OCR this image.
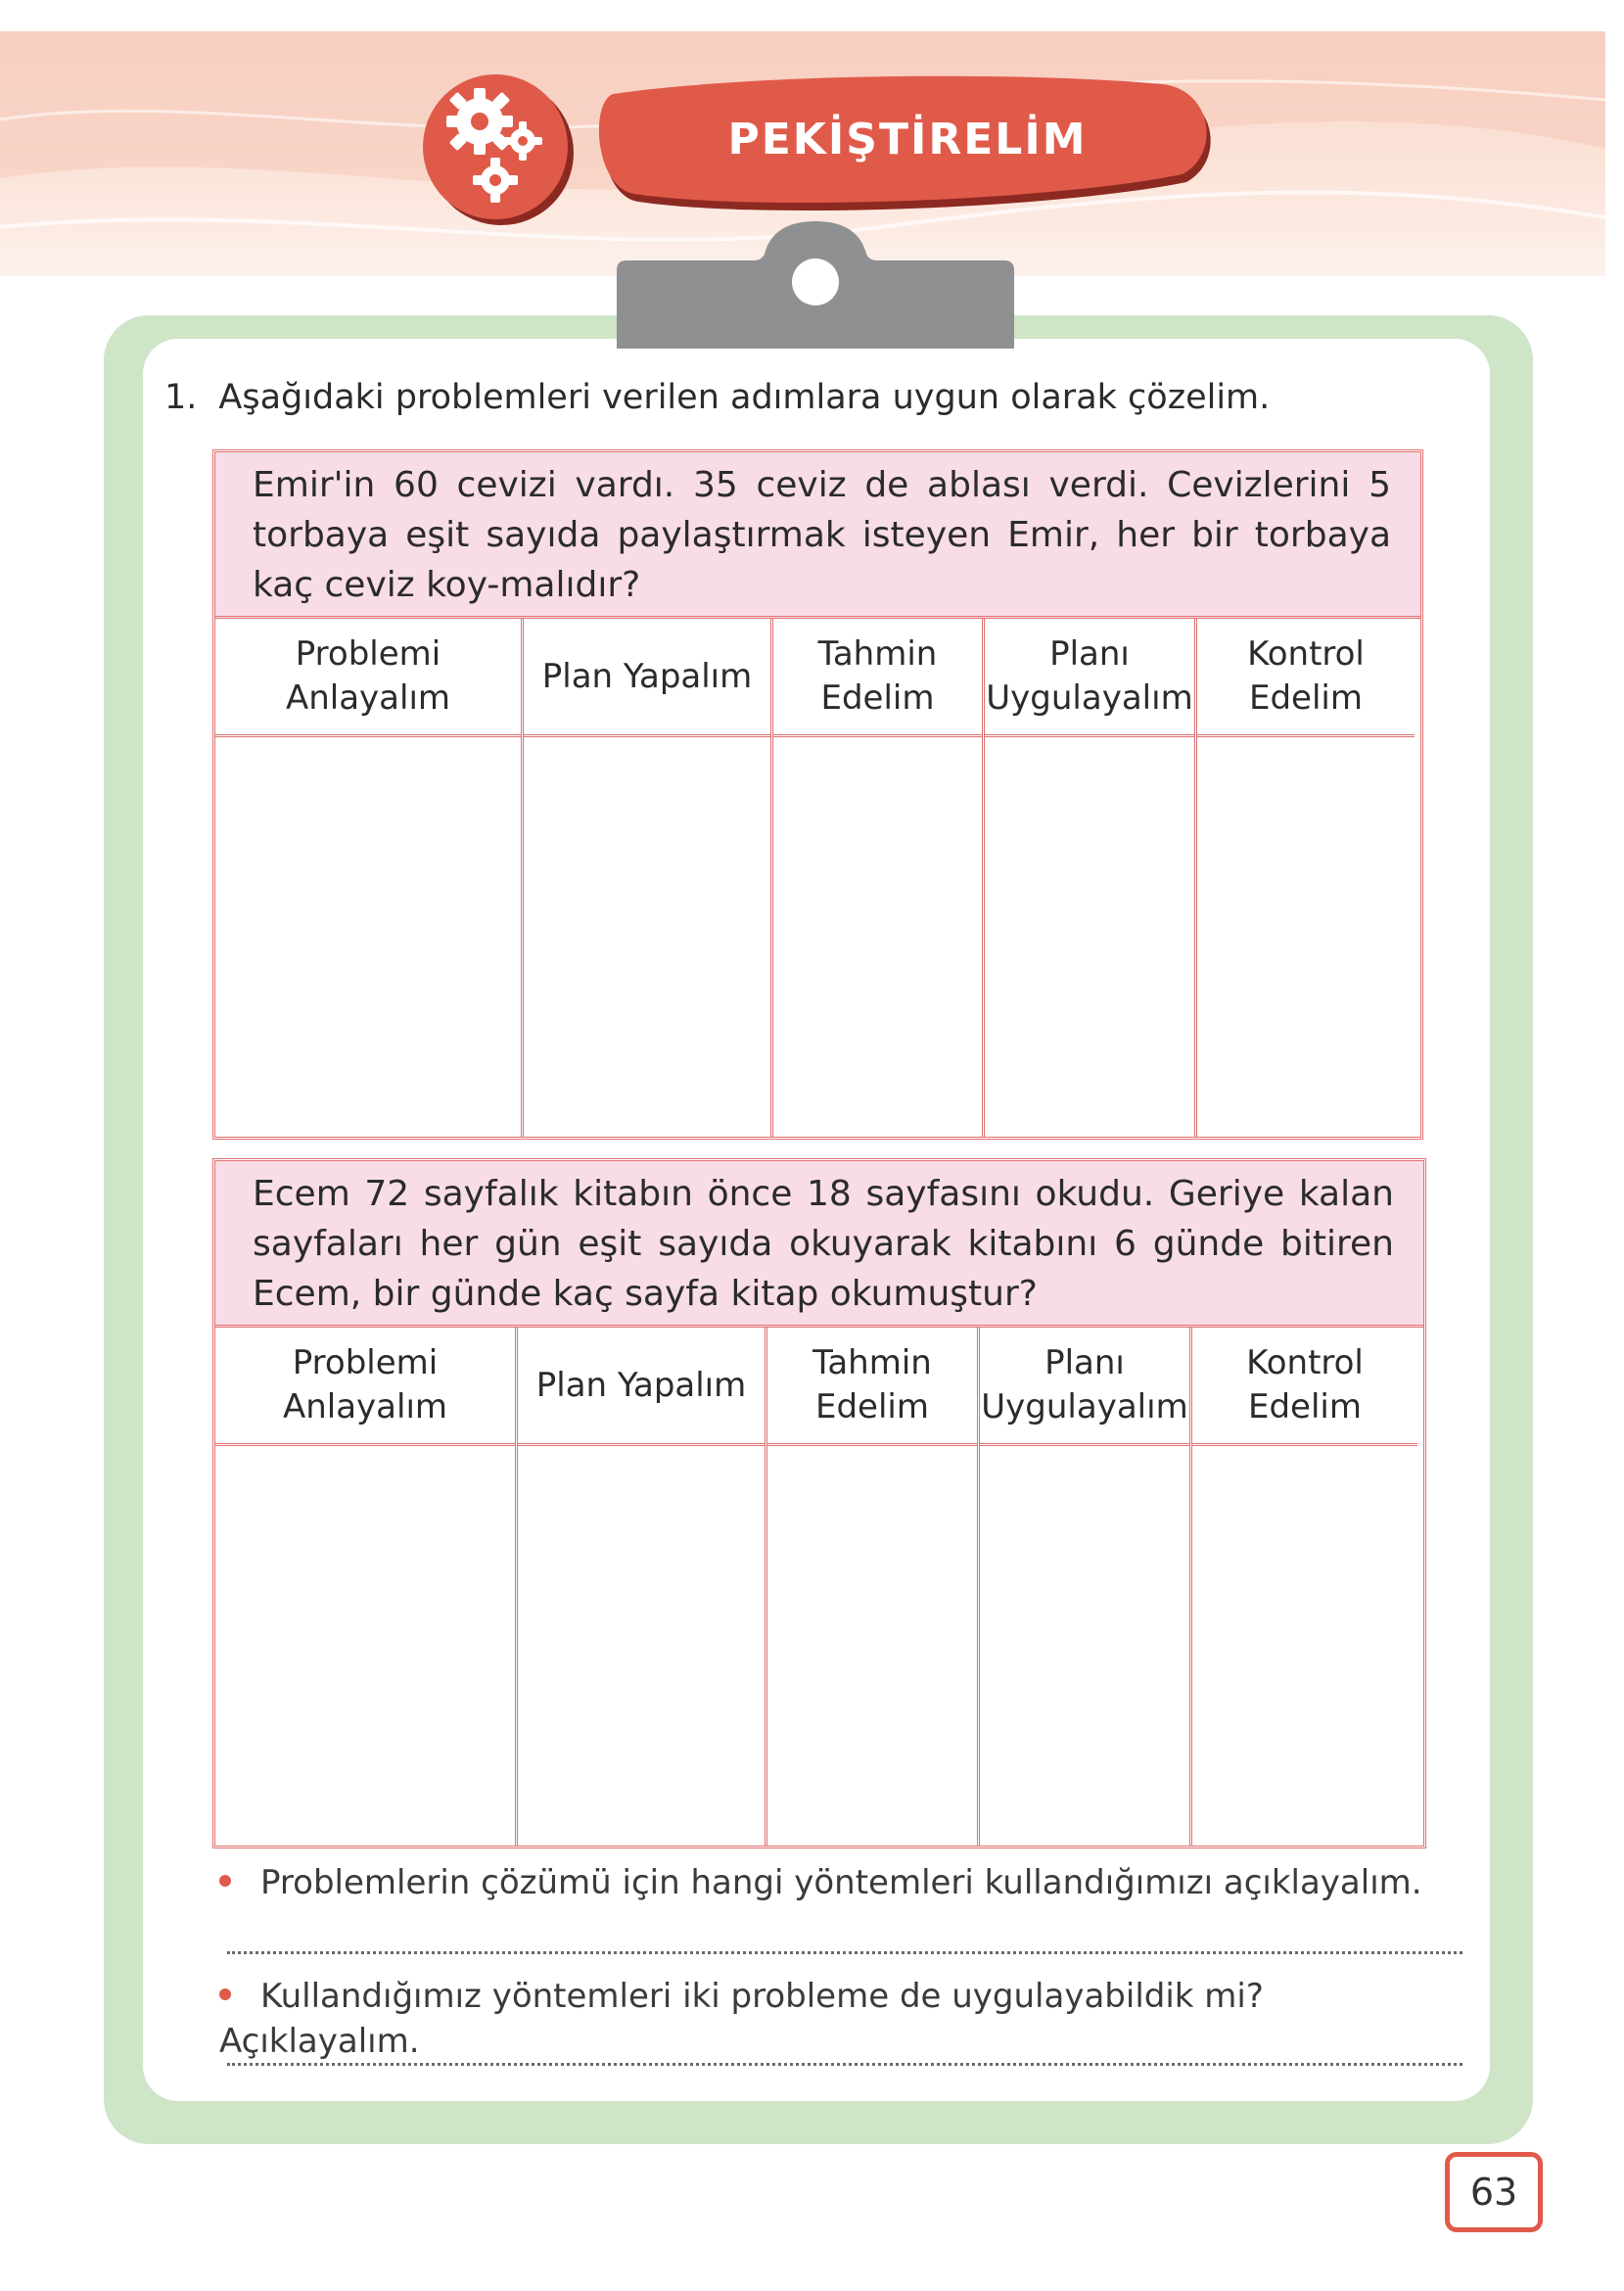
PEKİŞTİRELİM
1. Aşağıdaki problemleri verilen adımlara uygun olarak çözelim.
Emir'in 60 cevizi vardı. 35 ceviz de ablası verdi. Cevizlerini 5 torbaya eşit sayıda paylaştırmak isteyen Emir, her bir torbaya kaç ceviz koy-malıdır?
Problemi
Anlayalım
Plan Yapalım
Tahmin
Edelim
Planı
Uygulayalım
Kontrol
Edelim
Ecem 72 sayfalık kitabın önce 18 sayfasını okudu. Geriye kalan sayfaları her gün eşit sayıda okuyarak kitabını 6 günde bitiren Ecem, bir günde kaç sayfa kitap okumuştur?
Problemi
Anlayalım
Plan Yapalım
Tahmin
Edelim
Planı
Uygulayalım
Kontrol
Edelim
Problemlerin çözümü için hangi yöntemleri kullandığımızı açıklayalım.
Kullandığımız yöntemleri iki probleme de uygulayabildik mi? Açıklayalım.
63
